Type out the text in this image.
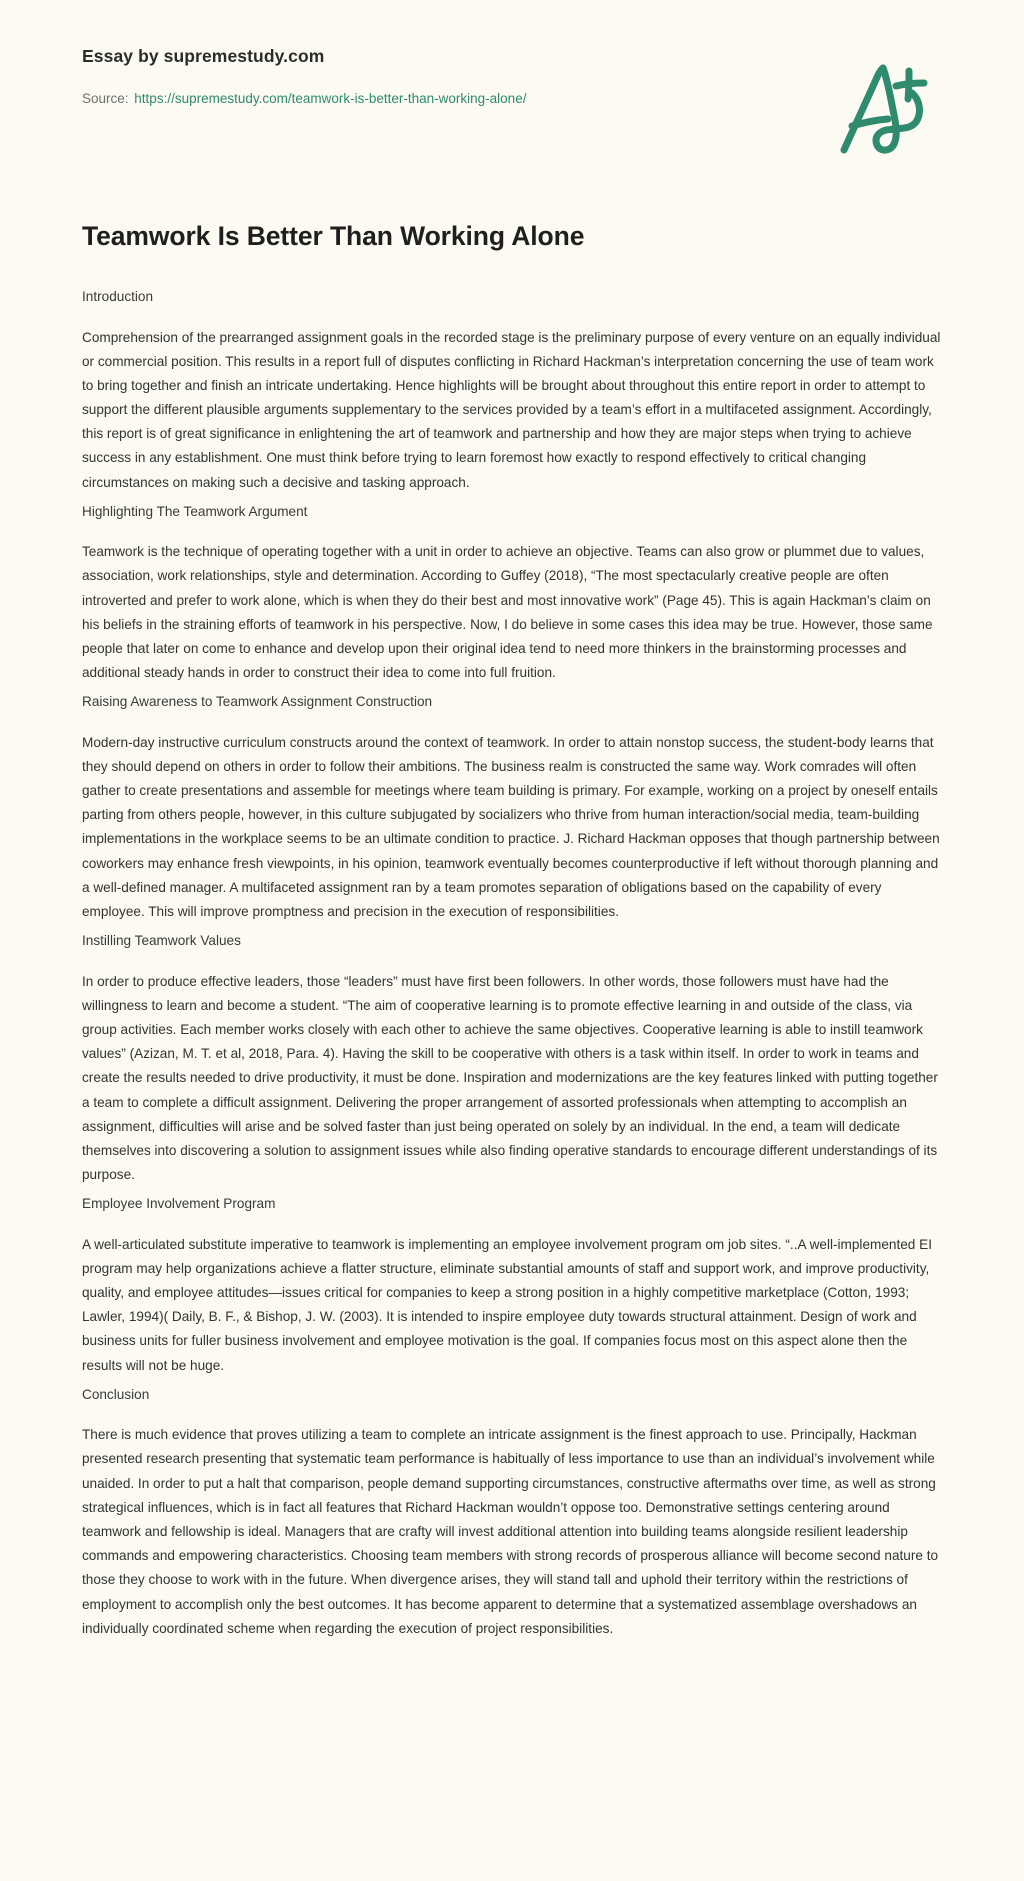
Essay by supremestudy.com
Source: https://supremestudy.com/teamwork-is-better-than-working-alone/
Teamwork Is Better Than Working Alone
Introduction

Comprehension of the prearranged assignment goals in the recorded stage is the preliminary purpose of every venture on an equally individual or commercial position. This results in a report full of disputes conflicting in Richard Hackman’s interpretation concerning the use of team work to bring together and finish an intricate undertaking. Hence highlights will be brought about throughout this entire report in order to attempt to support the different plausible arguments supplementary to the services provided by a team’s effort in a multifaceted assignment. Accordingly, this report is of great significance in enlightening the art of teamwork and partnership and how they are major steps when trying to achieve success in any establishment. One must think before trying to learn foremost how exactly to respond effectively to critical changing circumstances on making such a decisive and tasking approach.

Highlighting The Teamwork Argument

Teamwork is the technique of operating together with a unit in order to achieve an objective. Teams can also grow or plummet due to values, association, work relationships, style and determination. According to Guffey (2018), “The most spectacularly creative people are often introverted and prefer to work alone, which is when they do their best and most innovative work” (Page 45). This is again Hackman’s claim on his beliefs in the straining efforts of teamwork in his perspective. Now, I do believe in some cases this idea may be true. However, those same people that later on come to enhance and develop upon their original idea tend to need more thinkers in the brainstorming processes and additional steady hands in order to construct their idea to come into full fruition.

Raising Awareness to Teamwork Assignment Construction

Modern-day instructive curriculum constructs around the context of teamwork. In order to attain nonstop success, the student-body learns that they should depend on others in order to follow their ambitions. The business realm is constructed the same way. Work comrades will often gather to create presentations and assemble for meetings where team building is primary. For example, working on a project by oneself entails parting from others people, however, in this culture subjugated by socializers who thrive from human interaction/social media, team-building implementations in the workplace seems to be an ultimate condition to practice. J. Richard Hackman opposes that though partnership between coworkers may enhance fresh viewpoints, in his opinion, teamwork eventually becomes counterproductive if left without thorough planning and a well-defined manager. A multifaceted assignment ran by a team promotes separation of obligations based on the capability of every employee. This will improve promptness and precision in the execution of responsibilities.

Instilling Teamwork Values

In order to produce effective leaders, those “leaders” must have first been followers. In other words, those followers must have had the willingness to learn and become a student. “The aim of cooperative learning is to promote effective learning in and outside of the class, via group activities. Each member works closely with each other to achieve the same objectives. Cooperative learning is able to instill teamwork values” (Azizan, M. T. et al, 2018, Para. 4). Having the skill to be cooperative with others is a task within itself. In order to work in teams and create the results needed to drive productivity, it must be done. Inspiration and modernizations are the key features linked with putting together a team to complete a difficult assignment. Delivering the proper arrangement of assorted professionals when attempting to accomplish an assignment, difficulties will arise and be solved faster than just being operated on solely by an individual. In the end, a team will dedicate themselves into discovering a solution to assignment issues while also finding operative standards to encourage different understandings of its purpose.

Employee Involvement Program

A well-articulated substitute imperative to teamwork is implementing an employee involvement program om job sites. “..A well-implemented EI program may help organizations achieve a flatter structure, eliminate substantial amounts of staff and support work, and improve productivity, quality, and employee attitudes—issues critical for companies to keep a strong position in a highly competitive marketplace (Cotton, 1993; Lawler, 1994)( Daily, B. F., & Bishop, J. W. (2003). It is intended to inspire employee duty towards structural attainment. Design of work and business units for fuller business involvement and employee motivation is the goal. If companies focus most on this aspect alone then the results will not be huge.

Conclusion

There is much evidence that proves utilizing a team to complete an intricate assignment is the finest approach to use. Principally, Hackman presented research presenting that systematic team performance is habitually of less importance to use than an individual’s involvement while unaided. In order to put a halt that comparison, people demand supporting circumstances, constructive aftermaths over time, as well as strong strategical influences, which is in fact all features that Richard Hackman wouldn’t oppose too. Demonstrative settings centering around teamwork and fellowship is ideal. Managers that are crafty will invest additional attention into building teams alongside resilient leadership commands and empowering characteristics. Choosing team members with strong records of prosperous alliance will become second nature to those they choose to work with in the future. When divergence arises, they will stand tall and uphold their territory within the restrictions of employment to accomplish only the best outcomes. It has become apparent to determine that a systematized assemblage overshadows an individually coordinated scheme when regarding the execution of project responsibilities.
